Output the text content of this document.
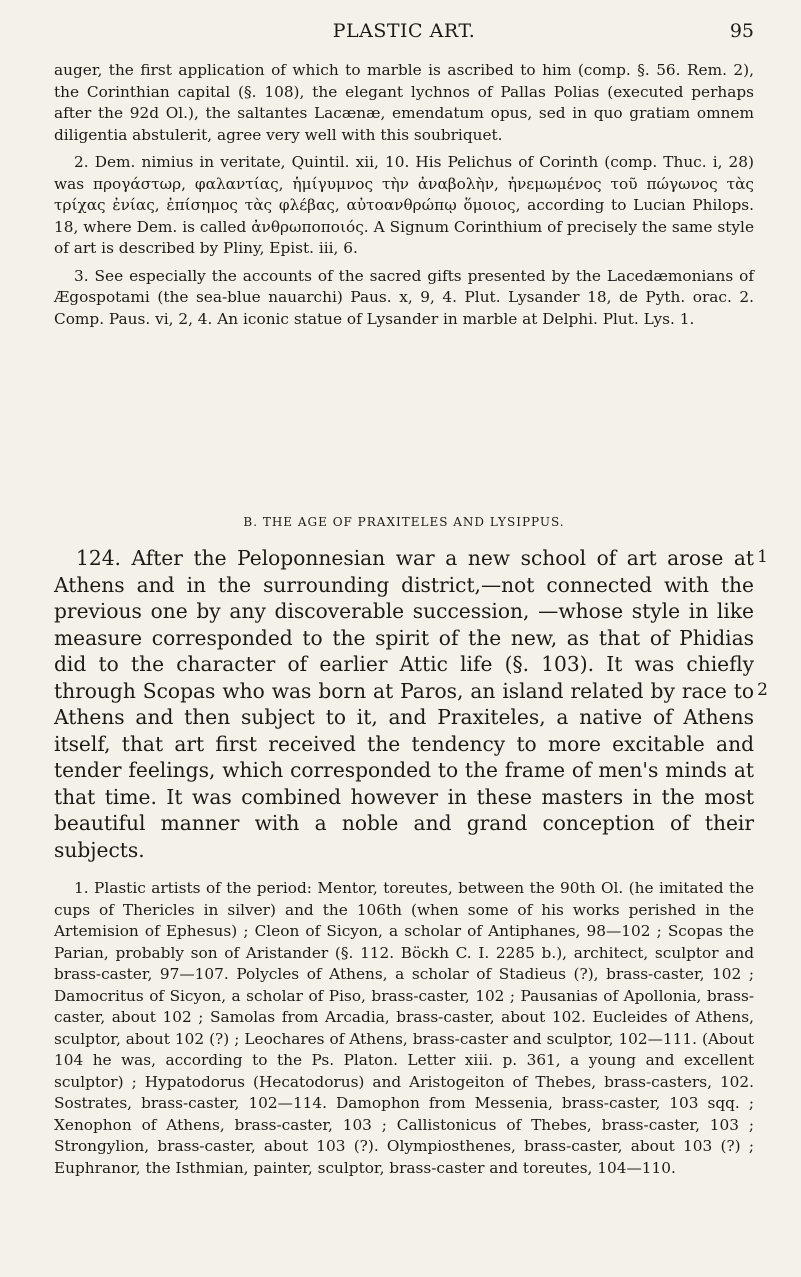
PLASTIC ART.	95

auger, the first application of which to marble is ascribed to him (comp. §. 56. Rem. 2), the Corinthian capital (§. 108), the elegant lychnos of Pallas Polias (executed perhaps after the 92d Ol.), the saltantes Lacænæ, emendatum opus, sed in quo gratiam omnem diligentia abstulerit, agree very well with this soubriquet.

2. Dem. nimius in veritate, Quintil. xii, 10. His Pelichus of Corinth (comp. Thuc. i, 28) was προγάστωρ, φαλαντίας, ἡμίγυμνος τὴν ἀναβολὴν, ἠνεμωμένος τοῦ πώγωνος τὰς τρίχας ἐνίας, ἐπίσημος τὰς φλέβας, αὐτοανθρώπῳ ὅμοιος, according to Lucian Philops. 18, where Dem. is called ἀνθρωποποιός. A Signum Corinthium of precisely the same style of art is described by Pliny, Epist. iii, 6.

3. See especially the accounts of the sacred gifts presented by the Lacedæmonians of Ægospotami (the sea-blue nauarchi) Paus. x, 9, 4. Plut. Lysander 18, de Pyth. orac. 2. Comp. Paus. vi, 2, 4. An iconic statue of Lysander in marble at Delphi. Plut. Lys. 1.

B. THE AGE OF PRAXITELES AND LYSIPPUS.

1
2

124. After the Peloponnesian war a new school of art arose at Athens and in the surrounding district,—not connected with the previous one by any discoverable succession, —whose style in like measure corresponded to the spirit of the new, as that of Phidias did to the character of earlier Attic life (§. 103). It was chiefly through Scopas who was born at Paros, an island related by race to Athens and then subject to it, and Praxiteles, a native of Athens itself, that art first received the tendency to more excitable and tender feelings, which corresponded to the frame of men's minds at that time. It was combined however in these masters in the most beautiful manner with a noble and grand conception of their subjects.

1. Plastic artists of the period: Mentor, toreutes, between the 90th Ol. (he imitated the cups of Thericles in silver) and the 106th (when some of his works perished in the Artemision of Ephesus) ; Cleon of Sicyon, a scholar of Antiphanes, 98—102 ; Scopas the Parian, probably son of Aristander (§. 112. Böckh C. I. 2285 b.), architect, sculptor and brass-caster, 97—107. Polycles of Athens, a scholar of Stadieus (?), brass-caster, 102 ; Damocritus of Sicyon, a scholar of Piso, brass-caster, 102 ; Pausanias of Apollonia, brass-caster, about 102 ; Samolas from Arcadia, brass-caster, about 102. Eucleides of Athens, sculptor, about 102 (?) ; Leochares of Athens, brass-caster and sculptor, 102—111. (About 104 he was, according to the Ps. Platon. Letter xiii. p. 361, a young and excellent sculptor) ; Hypatodorus (Hecatodorus) and Aristogeiton of Thebes, brass-casters, 102. Sostrates, brass-caster, 102—114. Damophon from Messenia, brass-caster, 103 sqq. ; Xenophon of Athens, brass-caster, 103 ; Callistonicus of Thebes, brass-caster, 103 ; Strongylion, brass-caster, about 103 (?). Olympiosthenes, brass-caster, about 103 (?) ; Euphranor, the Isthmian, painter, sculptor, brass-caster and toreutes, 104—110.
